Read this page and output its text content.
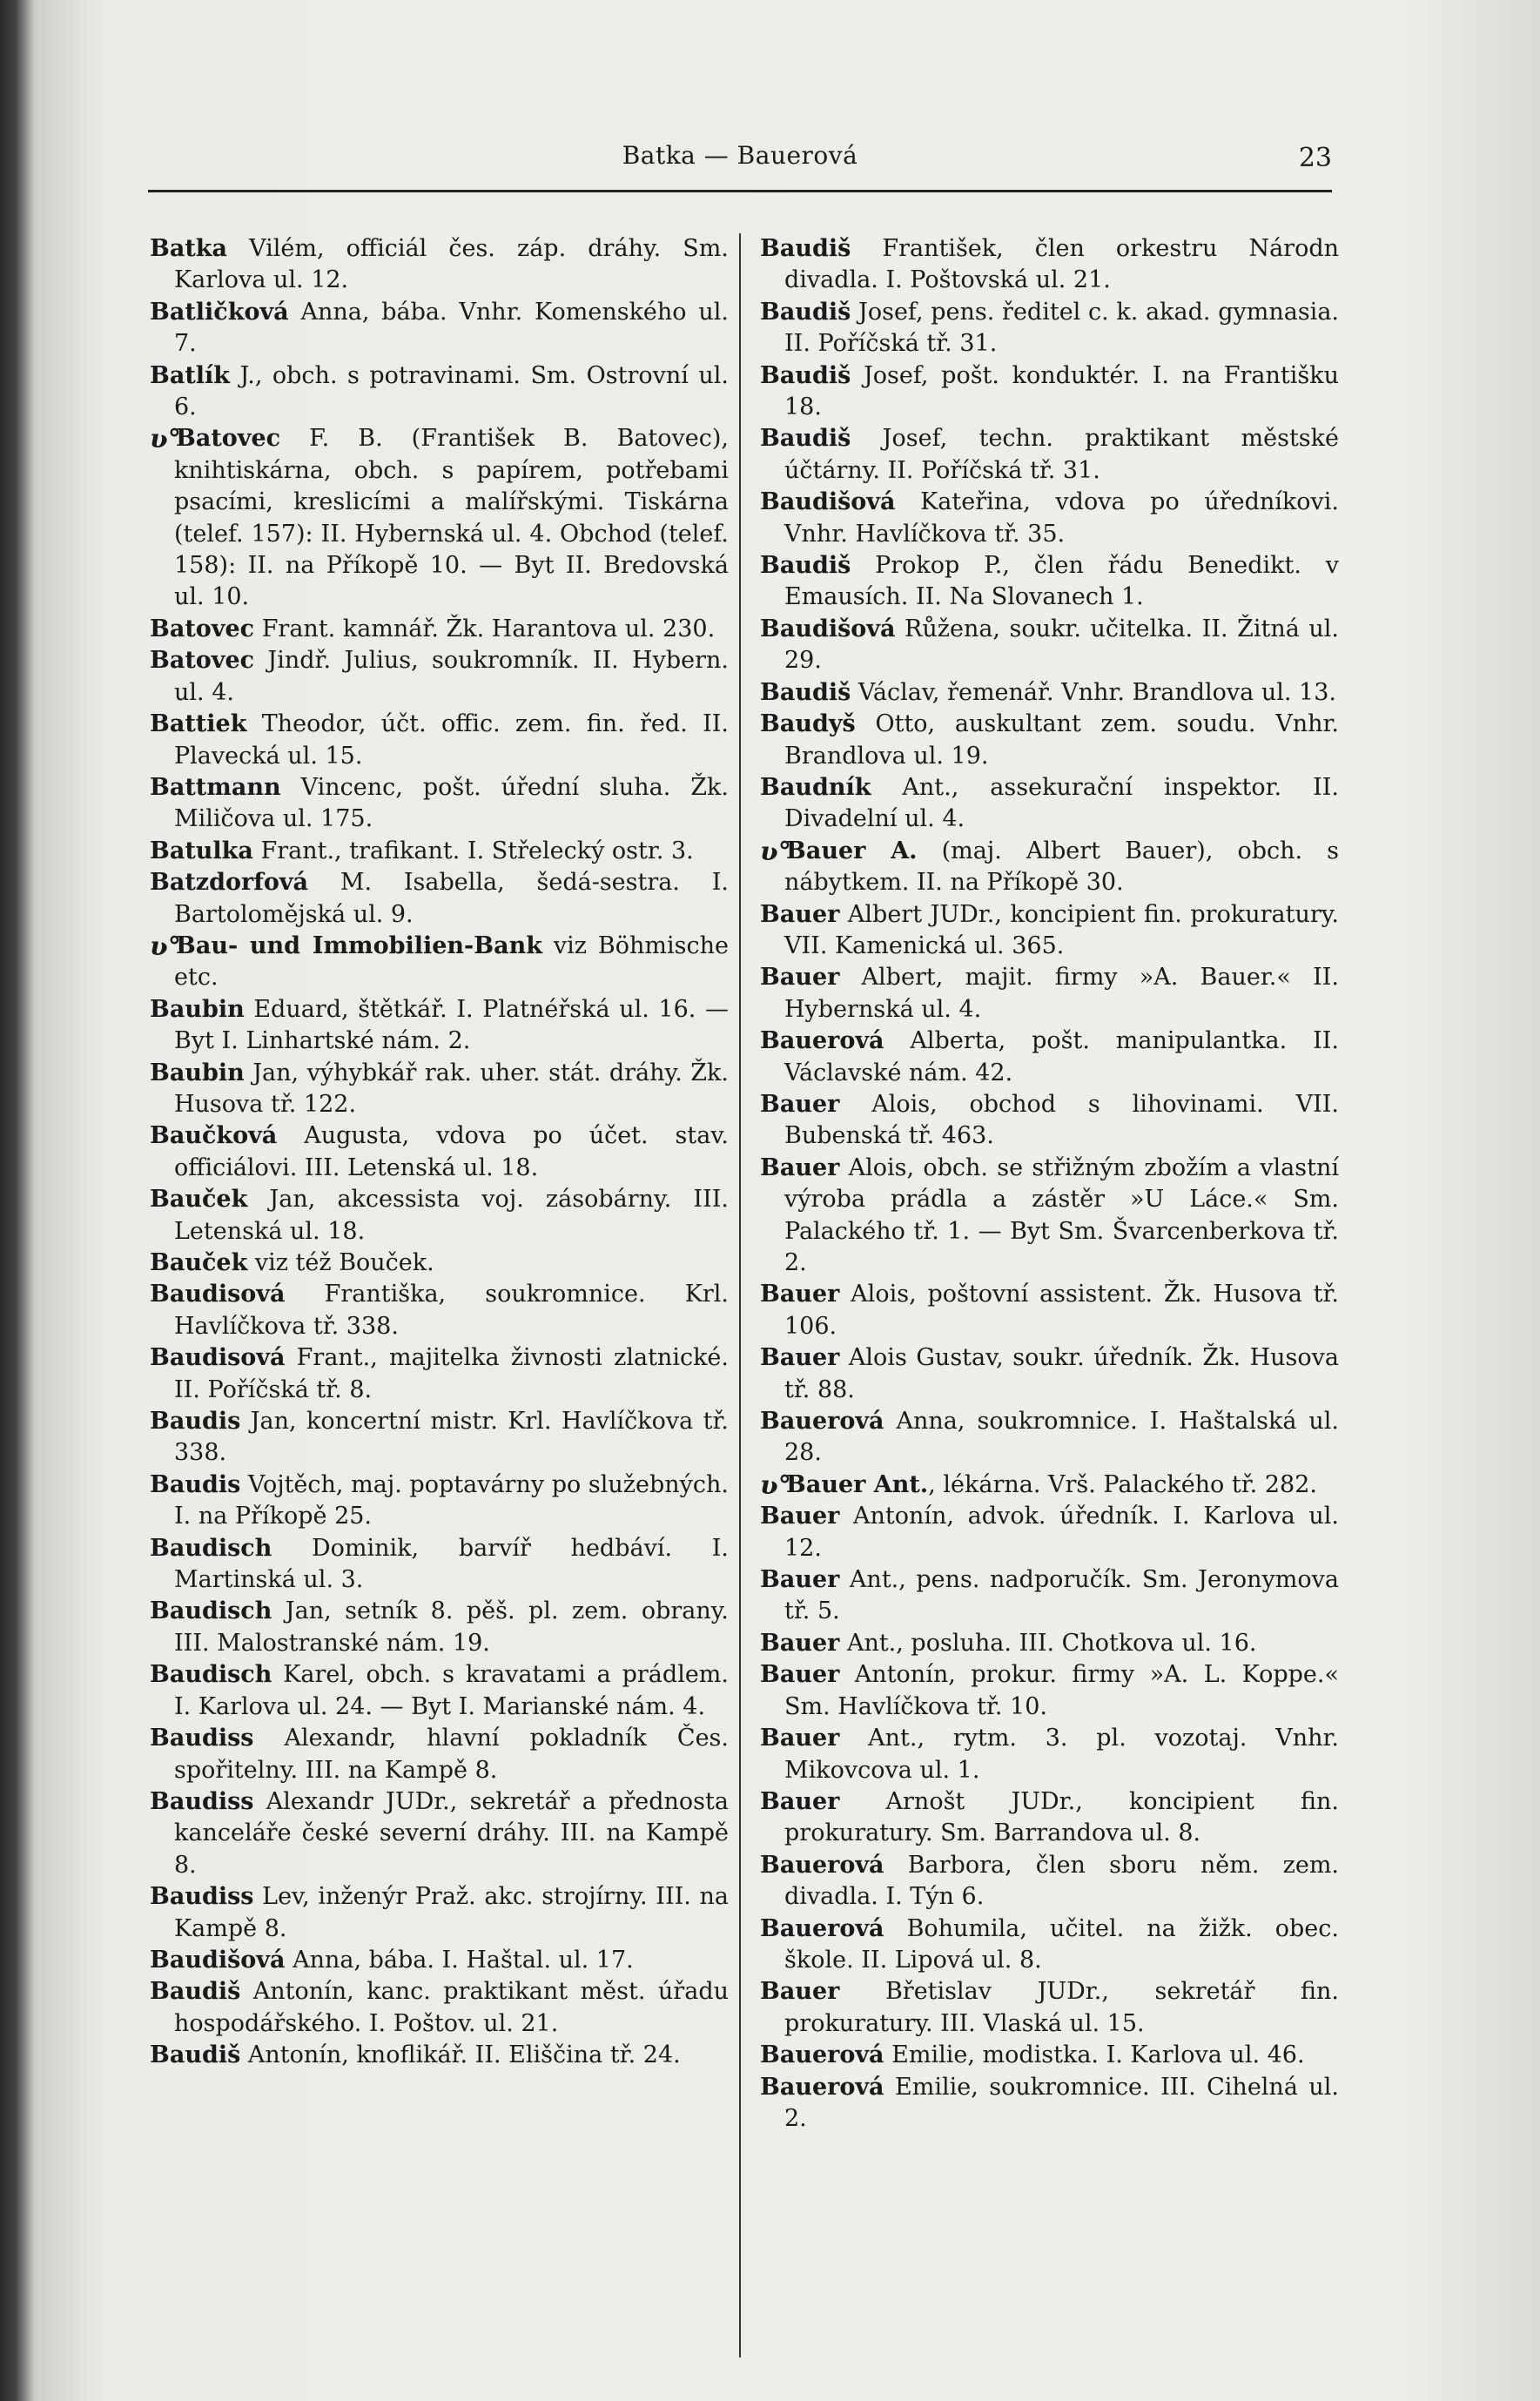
Batka — Bauerová	23

Batka Vilém, officiál čes. záp. dráhy. Sm. Karlova ul. 12.

Batličková Anna, bába. Vnhr. Komenského ul. 7.

Batlík J., obch. s potravinami. Sm. Ostrovní ul. 6.

ʋ°Batovec F. B. (František B. Batovec), knihtiskárna, obch. s papírem, potřebami psacími, kreslicími a malířskými. Tiskárna (telef. 157): II. Hybernská ul. 4. Obchod (telef. 158): II. na Příkopě 10. — Byt II. Bredovská ul. 10.

Batovec Frant. kamnář. Žk. Harantova ul. 230.

Batovec Jindř. Julius, soukromník. II. Hybern. ul. 4.

Battiek Theodor, účt. offic. zem. fin. řed. II. Plavecká ul. 15.

Battmann Vincenc, pošt. úřední sluha. Žk. Miličova ul. 175.

Batulka Frant., trafikant. I. Střelecký ostr. 3.

Batzdorfová M. Isabella, šedá-sestra. I. Bartolomějská ul. 9.

ʋ°Bau- und Immobilien-Bank viz Böhmische etc.

Baubin Eduard, štětkář. I. Platnéřská ul. 16. — Byt I. Linhartské nám. 2.

Baubin Jan, výhybkář rak. uher. stát. dráhy. Žk. Husova tř. 122.

Baučková Augusta, vdova po účet. stav. officiálovi. III. Letenská ul. 18.

Bauček Jan, akcessista voj. zásobárny. III. Letenská ul. 18.

Bauček viz též Bouček.

Baudisová Františka, soukromnice. Krl. Havlíčkova tř. 338.

Baudisová Frant., majitelka živnosti zlatnické. II. Poříčská tř. 8.

Baudis Jan, koncertní mistr. Krl. Havlíčkova tř. 338.

Baudis Vojtěch, maj. poptavárny po služebných. I. na Příkopě 25.

Baudisch Dominik, barvíř hedbáví. I. Martinská ul. 3.

Baudisch Jan, setník 8. pěš. pl. zem. obrany. III. Malostranské nám. 19.

Baudisch Karel, obch. s kravatami a prádlem. I. Karlova ul. 24. — Byt I. Marianské nám. 4.

Baudiss Alexandr, hlavní pokladník Čes. spořitelny. III. na Kampě 8.

Baudiss Alexandr JUDr., sekretář a přednosta kanceláře české severní dráhy. III. na Kampě 8.

Baudiss Lev, inženýr Praž. akc. strojírny. III. na Kampě 8.

Baudišová Anna, bába. I. Haštal. ul. 17.

Baudiš Antonín, kanc. praktikant měst. úřadu hospodářského. I. Poštov. ul. 21.

Baudiš Antonín, knoflikář. II. Eliščina tř. 24.

Baudiš František, člen orkestru Národn divadla. I. Poštovská ul. 21.

Baudiš Josef, pens. ředitel c. k. akad. gymnasia. II. Poříčská tř. 31.

Baudiš Josef, pošt. konduktér. I. na Františku 18.

Baudiš Josef, techn. praktikant městské účtárny. II. Poříčská tř. 31.

Baudišová Kateřina, vdova po úředníkovi. Vnhr. Havlíčkova tř. 35.

Baudiš Prokop P., člen řádu Benedikt. v Emausích. II. Na Slovanech 1.

Baudišová Růžena, soukr. učitelka. II. Žitná ul. 29.

Baudiš Václav, řemenář. Vnhr. Brandlova ul. 13.

Baudyš Otto, auskultant zem. soudu. Vnhr. Brandlova ul. 19.

Baudník Ant., assekurační inspektor. II. Divadelní ul. 4.

ʋ°Bauer A. (maj. Albert Bauer), obch. s nábytkem. II. na Příkopě 30.

Bauer Albert JUDr., koncipient fin. prokuratury. VII. Kamenická ul. 365.

Bauer Albert, majit. firmy »A. Bauer.« II. Hybernská ul. 4.

Bauerová Alberta, pošt. manipulantka. II. Václavské nám. 42.

Bauer Alois, obchod s lihovinami. VII. Bubenská tř. 463.

Bauer Alois, obch. se střižným zbožím a vlastní výroba prádla a zástěr »U Láce.« Sm. Palackého tř. 1. — Byt Sm. Švarcenberkova tř. 2.

Bauer Alois, poštovní assistent. Žk. Husova tř. 106.

Bauer Alois Gustav, soukr. úředník. Žk. Husova tř. 88.

Bauerová Anna, soukromnice. I. Haštalská ul. 28.

ʋ°Bauer Ant., lékárna. Vrš. Palackého tř. 282.

Bauer Antonín, advok. úředník. I. Karlova ul. 12.

Bauer Ant., pens. nadporučík. Sm. Jeronymova tř. 5.

Bauer Ant., posluha. III. Chotkova ul. 16.

Bauer Antonín, prokur. firmy »A. L. Koppe.« Sm. Havlíčkova tř. 10.

Bauer Ant., rytm. 3. pl. vozotaj. Vnhr. Mikovcova ul. 1.

Bauer Arnošt JUDr., koncipient fin. prokuratury. Sm. Barrandova ul. 8.

Bauerová Barbora, člen sboru něm. zem. divadla. I. Týn 6.

Bauerová Bohumila, učitel. na žižk. obec. škole. II. Lipová ul. 8.

Bauer Břetislav JUDr., sekretář fin. prokuratury. III. Vlaská ul. 15.

Bauerová Emilie, modistka. I. Karlova ul. 46.

Bauerová Emilie, soukromnice. III. Cihelná ul. 2.
